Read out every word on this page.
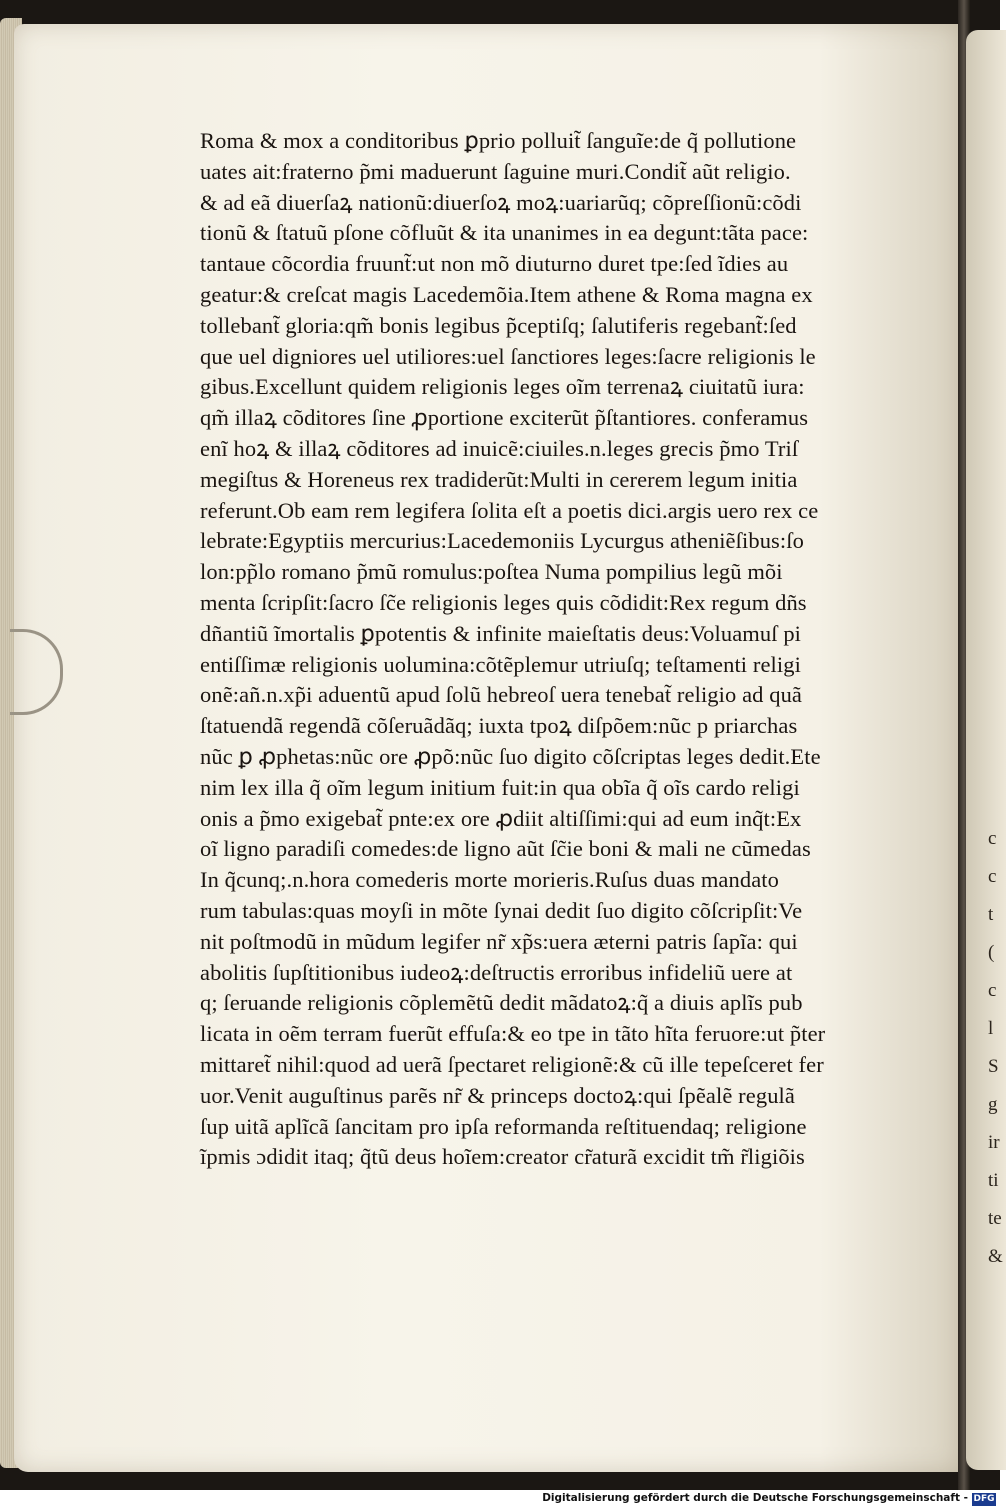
c
c
t
(
c
l
S
g
ir
ti
te
&
Roma & mox a conditoribus ꝑprio polluit̃ ſanguĩe:de q̃ pollutione
uates ait:fraterno p̃mi maduerunt ſaguine muri.Condit̃ aũt religio.
& ad eã diuerſaꝝ nationũ:diuerſoꝝ moꝝ:uariarũq; cõpreſſionũ:cõdi
tionũ & ſtatuũ pſone cõfluũt & ita unanimes in ea degunt:tãta pace:
tantaue cõcordia fruunt̃:ut non mõ diuturno duret tpe:ſed ĩdies au
geatur:& creſcat magis Lacedemõia.Item athene & Roma magna ex
tollebant̃ gloria:qm̃ bonis legibus p̃ceptiſq; ſalutiferis regebant̃:ſed
que uel digniores uel utiliores:uel ſanctiores leges:ſacre religionis le
gibus.Excellunt quidem religionis leges oĩm terrenaꝝ ciuitatũ iura:
qm̃ illaꝝ cõditores ſine ꝓportione exciterũt p̃ſtantiores. conferamus
enĩ hoꝝ & illaꝝ cõditores ad inuicẽ:ciuiles.n.leges grecis p̃mo Triſ
megiſtus & Horeneus rex tradiderũt:Multi in cererem legum initia
referunt.Ob eam rem legifera ſolita eſt a poetis dici.argis uero rex ce
lebrate:Egyptiis mercurius:Lacedemoniis Lycurgus atheniẽſibus:ſo
lon:pp̃lo romano p̃mũ romulus:poſtea Numa pompilius legũ mõi
menta ſcripſit:ſacro ſc̃e religionis leges quis cõdidit:Rex regum dñs
dñantiũ ĩmortalis ꝑpotentis & infinite maieſtatis deus:Voluamuſ pi
entiſſimæ religionis uolumina:cõtẽplemur utriuſq; teſtamenti religi
onẽ:añ.n.xp̃i aduentũ apud ſolũ hebreoſ uera tenebat̃ religio ad quã
ſtatuendã regendã cõſeruãdãq; iuxta tpoꝝ diſpõem:nũc p priarchas
nũc ꝑ ꝓphetas:nũc ore ꝓpõ:nũc ſuo digito cõſcriptas leges dedit.Ete
nim lex illa q̃ oĩm legum initium fuit:in qua obĩa q̃ oĩs cardo religi
onis a p̃mo exigebat̃ pnte:ex ore ꝓdiit altiſſimi:qui ad eum inq̃t:Ex
oĩ ligno paradiſi comedes:de ligno aũt ſc̃ie boni & mali ne cũmedas
In q̃cunq;.n.hora comederis morte morieris.Ruſus duas mandato
rum tabulas:quas moyſi in mõte ſynai dedit ſuo digito cõſcripſit:Ve
nit poſtmodũ in mũdum legifer nr̃ xp̃s:uera æterni patris ſapĩa: qui
abolitis ſupſtitionibus iudeoꝝ:deſtructis erroribus infideliũ uere at
q; ſeruande religionis cõplemẽtũ dedit mãdatoꝝ:q̃ a diuis aplĩs pub
licata in oẽm terram fuerũt effuſa:& eo tpe in tãto hĩta feruore:ut p̃ter
mittaret̃ nihil:quod ad uerã ſpectaret religionẽ:& cũ ille tepeſceret fer
uor.Venit auguſtinus parẽs nr̃ & princeps doctoꝝ:qui ſpẽalẽ regulã
ſup uitã aplĩcã ſancitam pro ipſa reformanda reſtituendaq; religione
ĩpmis ɔdidit itaq; q̃tũ deus hoĩem:creator cr̃aturã excidit tm̃ r̃ligiõis
Digitalisierung gefördert durch die Deutsche Forschungsgemeinschaft - DFG
